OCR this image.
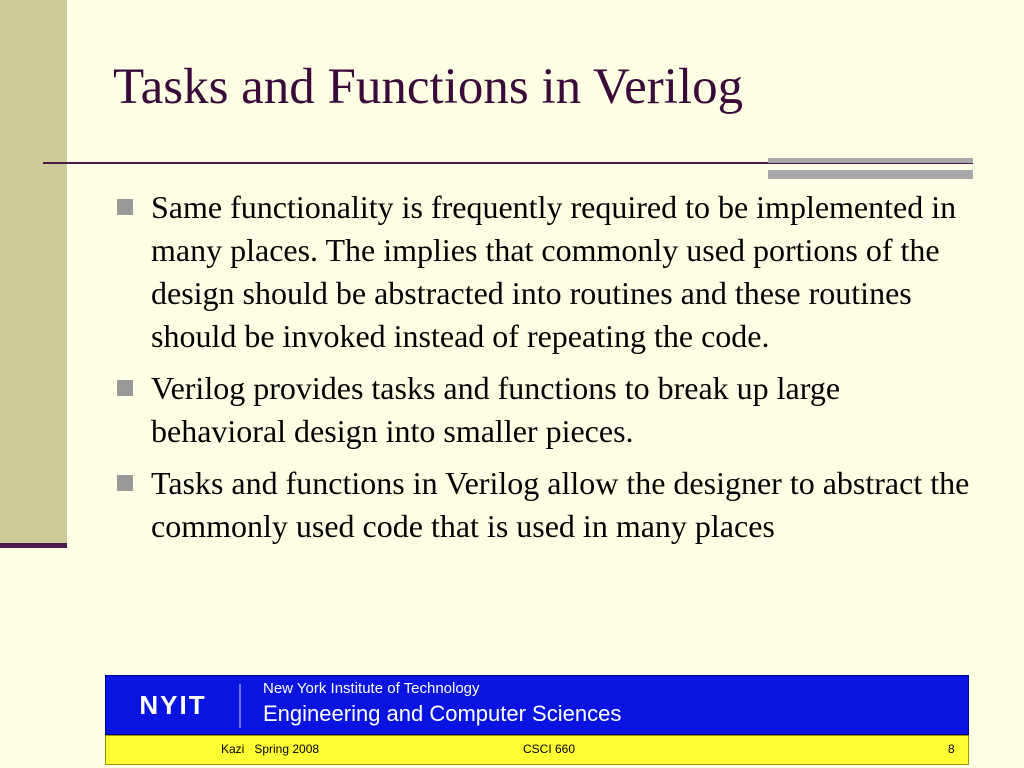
Tasks and Functions in Verilog
Same functionality is frequently required to be implemented in many places. The implies that commonly used portions of the design should be abstracted into routines and these routines should be invoked instead of repeating the code.
Verilog provides tasks and functions to break up large behavioral design into smaller pieces.
Tasks and functions in Verilog allow the designer to abstract the commonly used code that is used in many places
NYIT
New York Institute of Technology
Engineering and Computer Sciences
Kazi   Spring 2008	CSCI 660	8
